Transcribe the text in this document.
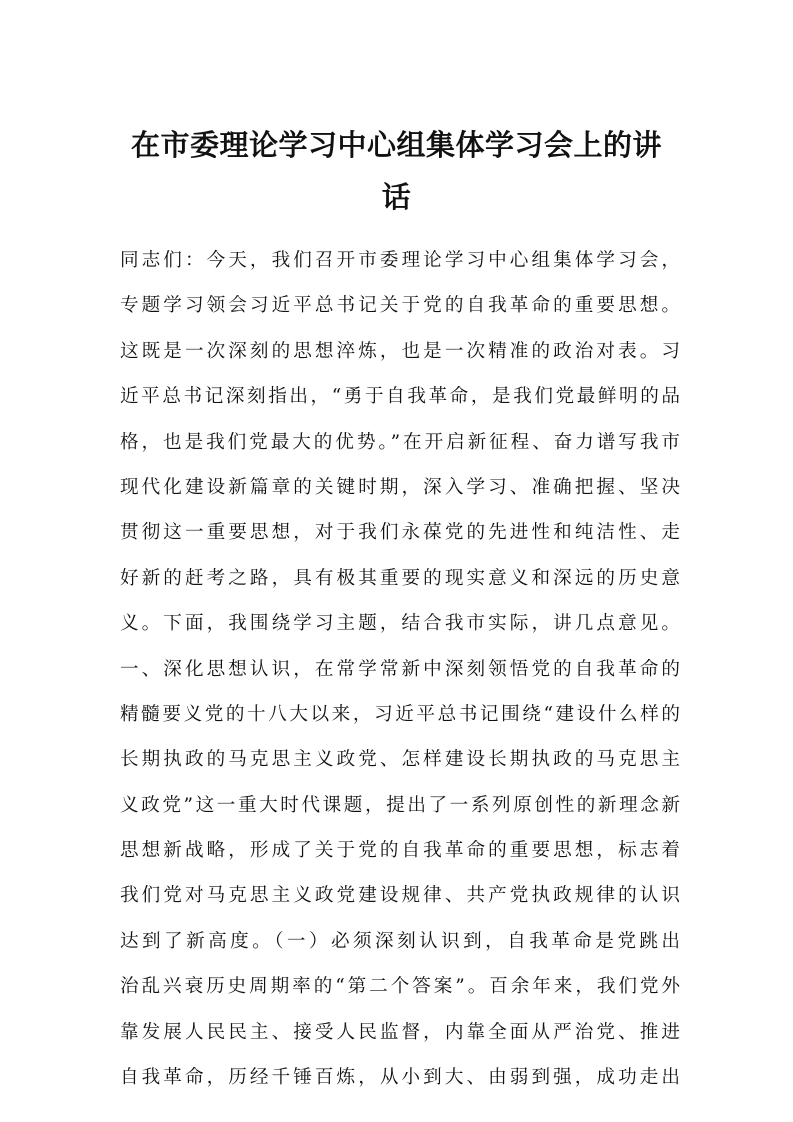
在市委理论学习中心组集体学习会上的讲
话
同志们：今天，我们召开市委理论学习中心组集体学习会，
专题学习领会习近平总书记关于党的自我革命的重要思想。
这既是一次深刻的思想淬炼，也是一次精准的政治对表。习
近平总书记深刻指出，“勇于自我革命，是我们党最鲜明的品
格，也是我们党最大的优势。”在开启新征程、奋力谱写我市
现代化建设新篇章的关键时期，深入学习、准确把握、坚决
贯彻这一重要思想，对于我们永葆党的先进性和纯洁性、走
好新的赶考之路，具有极其重要的现实意义和深远的历史意
义。下面，我围绕学习主题，结合我市实际，讲几点意见。
一、深化思想认识，在常学常新中深刻领悟党的自我革命的
精髓要义党的十八大以来，习近平总书记围绕“建设什么样的
长期执政的马克思主义政党、怎样建设长期执政的马克思主
义政党”这一重大时代课题，提出了一系列原创性的新理念新
思想新战略，形成了关于党的自我革命的重要思想，标志着
我们党对马克思主义政党建设规律、共产党执政规律的认识
达到了新高度。（一）必须深刻认识到，自我革命是党跳出
治乱兴衰历史周期率的“第二个答案”。百余年来，我们党外
靠发展人民民主、接受人民监督，内靠全面从严治党、推进
自我革命，历经千锤百炼，从小到大、由弱到强，成功走出
